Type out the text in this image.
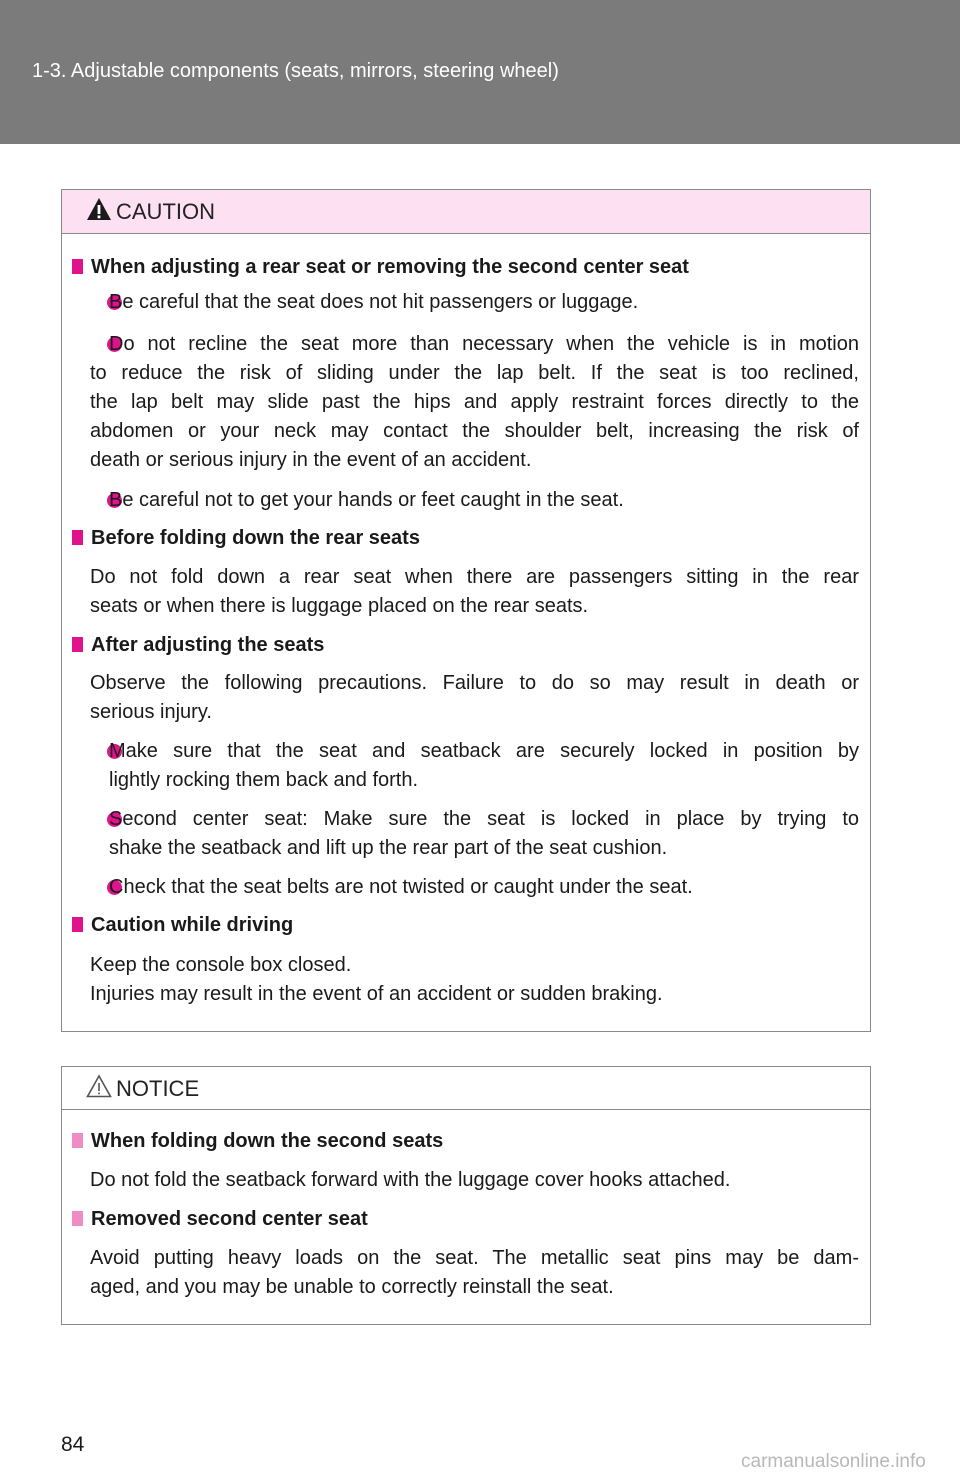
1-3. Adjustable components (seats, mirrors, steering wheel)
CAUTION
When adjusting a rear seat or removing the second center seat
Be careful that the seat does not hit passengers or luggage.
Do not recline the seat more than necessary when the vehicle is in motion
to reduce the risk of sliding under the lap belt. If the seat is too reclined,
the lap belt may slide past the hips and apply restraint forces directly to the
abdomen or your neck may contact the shoulder belt, increasing the risk of
death or serious injury in the event of an accident.
Be careful not to get your hands or feet caught in the seat.
Before folding down the rear seats
Do not fold down a rear seat when there are passengers sitting in the rear
seats or when there is luggage placed on the rear seats.
After adjusting the seats
Observe the following precautions. Failure to do so may result in death or
serious injury.
Make sure that the seat and seatback are securely locked in position by
lightly rocking them back and forth.
Second center seat: Make sure the seat is locked in place by trying to
shake the seatback and lift up the rear part of the seat cushion.
Check that the seat belts are not twisted or caught under the seat.
Caution while driving
Keep the console box closed.
Injuries may result in the event of an accident or sudden braking.
NOTICE
When folding down the second seats
Do not fold the seatback forward with the luggage cover hooks attached.
Removed second center seat
Avoid putting heavy loads on the seat. The metallic seat pins may be dam-
aged, and you may be unable to correctly reinstall the seat.
84
carmanualsonline.info
